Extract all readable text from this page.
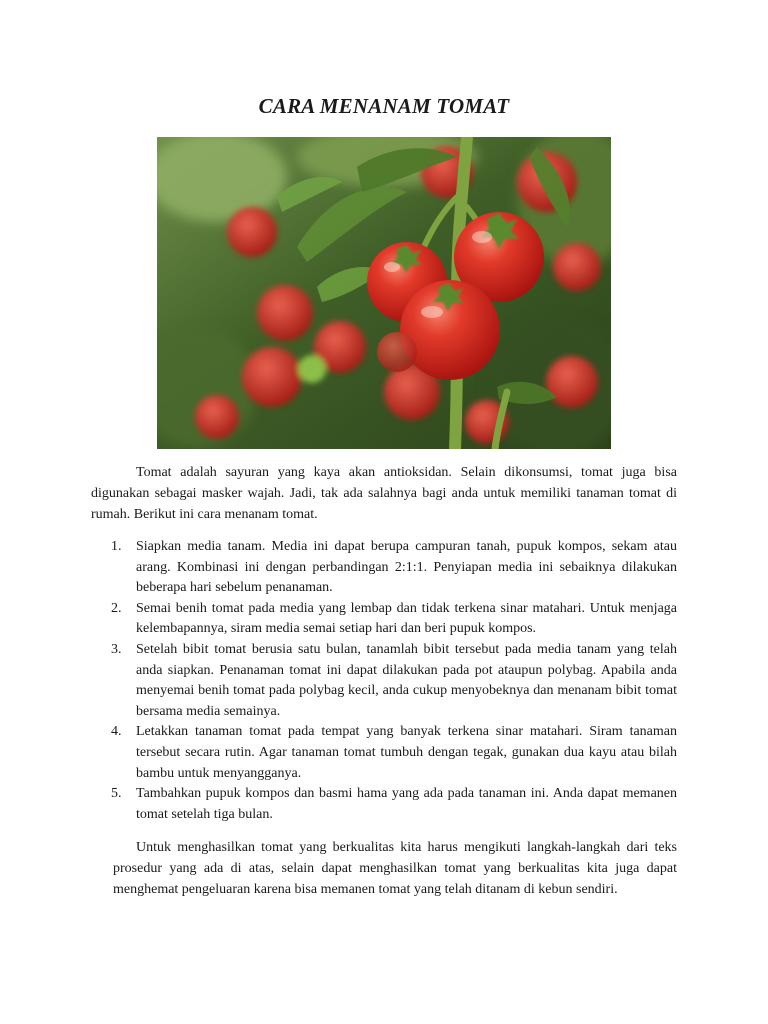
CARA MENANAM TOMAT

Tomat adalah sayuran yang kaya akan antioksidan. Selain dikonsumsi, tomat juga bisa digunakan sebagai masker wajah. Jadi, tak ada salahnya bagi anda untuk memiliki tanaman tomat di rumah. Berikut ini cara menanam tomat.

1. Siapkan media tanam. Media ini dapat berupa campuran tanah, pupuk kompos, sekam atau arang. Kombinasi ini dengan perbandingan 2:1:1. Penyiapan media ini sebaiknya dilakukan beberapa hari sebelum penanaman.
2. Semai benih tomat pada media yang lembap dan tidak terkena sinar matahari. Untuk menjaga kelembapannya, siram media semai setiap hari dan beri pupuk kompos.
3. Setelah bibit tomat berusia satu bulan, tanamlah bibit tersebut pada media tanam yang telah anda siapkan. Penanaman tomat ini dapat dilakukan pada pot ataupun polybag. Apabila anda menyemai benih tomat pada polybag kecil, anda cukup menyobeknya dan menanam bibit tomat bersama media semainya.
4. Letakkan tanaman tomat pada tempat yang banyak terkena sinar matahari. Siram tanaman tersebut secara rutin. Agar tanaman tomat tumbuh dengan tegak, gunakan dua kayu atau bilah bambu untuk menyangganya.
5. Tambahkan pupuk kompos dan basmi hama yang ada pada tanaman ini. Anda dapat memanen tomat setelah tiga bulan.

Untuk menghasilkan tomat yang berkualitas kita harus mengikuti langkah-langkah dari teks prosedur yang ada di atas, selain dapat menghasilkan tomat yang berkualitas kita juga dapat menghemat pengeluaran karena bisa memanen tomat yang telah ditanam di kebun sendiri.
